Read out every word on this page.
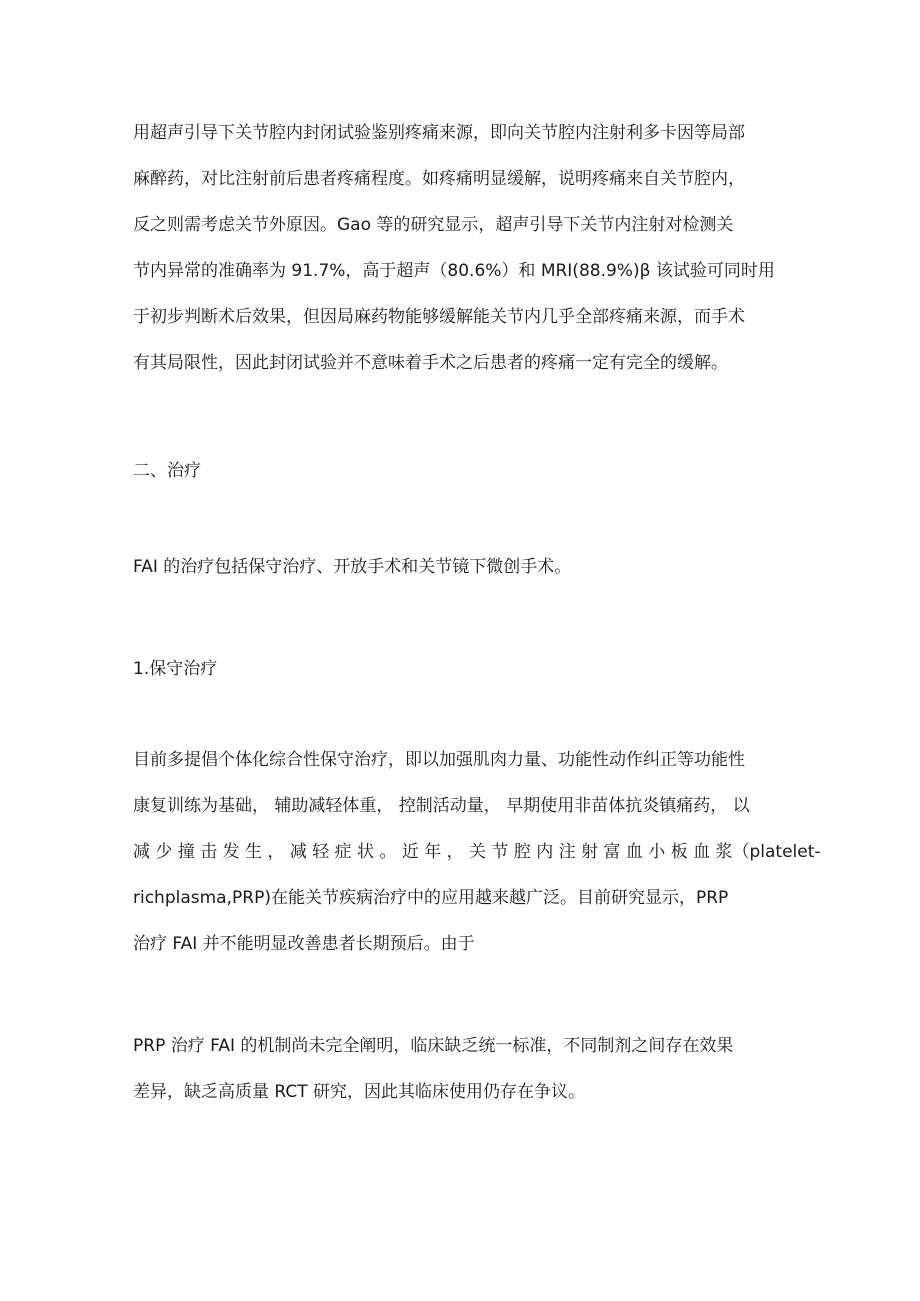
用超声引导下关节腔内封闭试验鉴别疼痛来源，即向关节腔内注射利多卡因等局部
麻醉药，对比注射前后患者疼痛程度。如疼痛明显缓解，说明疼痛来自关节腔内，
反之则需考虑关节外原因。Gao 等的研究显示，超声引导下关节内注射对检测关
节内异常的准确率为 91.7%，高于超声（80.6%）和 MRI(88.9%)β 该试验可同时用
于初步判断术后效果，但因局麻药物能够缓解能关节内几乎全部疼痛来源，而手术
有其局限性，因此封闭试验并不意味着手术之后患者的疼痛一定有完全的缓解。
二、治疗

FAI 的治疗包括保守治疗、开放手术和关节镜下微创手术。

1.保守治疗
目前多提倡个体化综合性保守治疗，即以加强肌肉力量、功能性动作纠正等功能性
康复训练为基础， 辅助减轻体重， 控制活动量， 早期使用非苗体抗炎镇痛药， 以
减 少 撞 击 发 生 ， 减 轻 症 状 。 近 年 ， 关 节 腔 内 注 射 富 血 小 板 血 浆（platelet-
richplasma,PRP)在能关节疾病治疗中的应用越来越广泛。目前研究显示，PRP
治疗 FAI 并不能明显改善患者长期预后。由于
PRP 治疗 FAI 的机制尚未完全阐明，临床缺乏统一标准，不同制剂之间存在效果
差异，缺乏高质量 RCT 研究，因此其临床使用仍存在争议。
